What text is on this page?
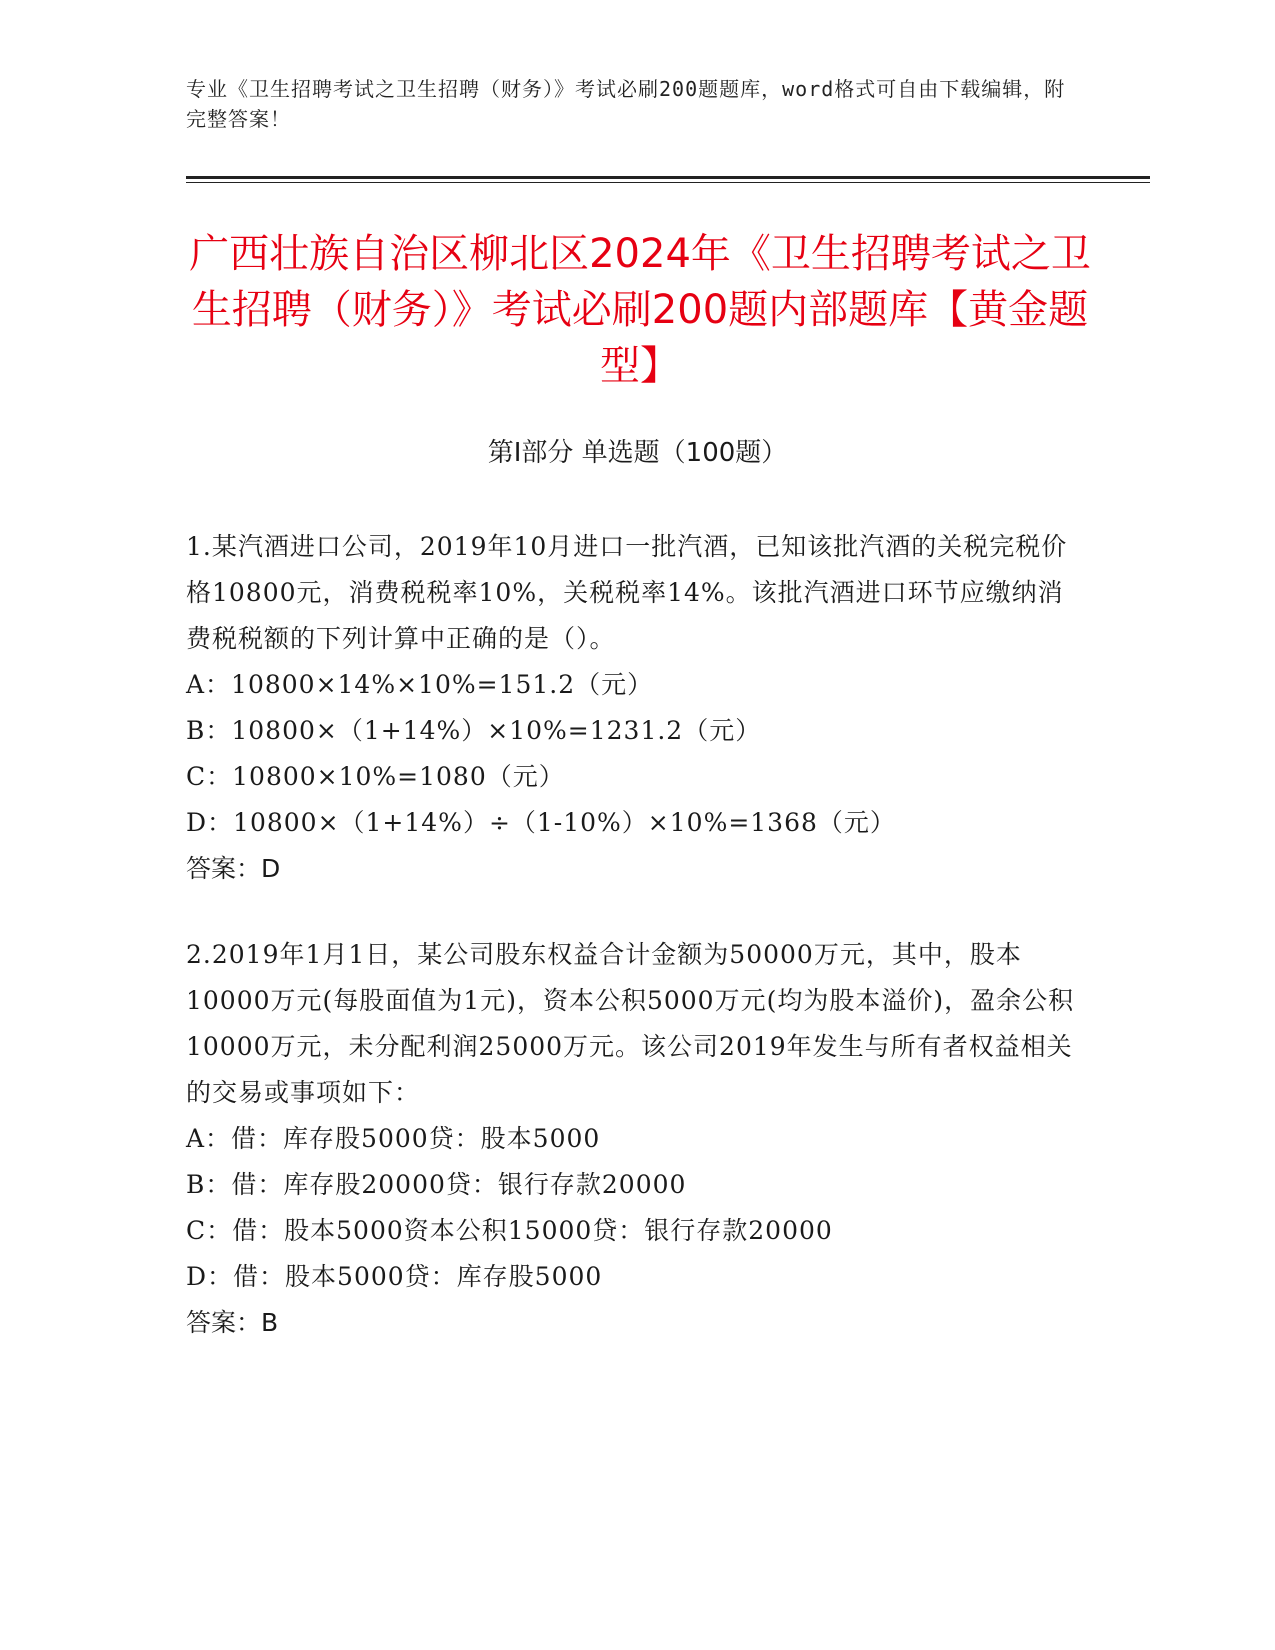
专业《卫生招聘考试之卫生招聘（财务）》考试必刷200题题库，word格式可自由下载编辑，附完整答案！
广西壮族自治区柳北区2024年《卫生招聘考试之卫生招聘（财务）》考试必刷200题内部题库【黄金题型】
第I部分 单选题（100题）

1.某汽酒进口公司，2019年10月进口一批汽酒，已知该批汽酒的关税完税价格10800元，消费税税率10%，关税税率14%。该批汽酒进口环节应缴纳消费税税额的下列计算中正确的是（）。

A：10800×14%×10%=151.2（元）

B：10800×（1+14%）×10%=1231.2（元）

C：10800×10%=1080（元）

D：10800×（1+14%）÷（1-10%）×10%=1368（元）

答案：D

2.2019年1月1日，某公司股东权益合计金额为50000万元，其中，股本10000万元(每股面值为1元)，资本公积5000万元(均为股本溢价)，盈余公积10000万元，未分配利润25000万元。该公司2019年发生与所有者权益相关的交易或事项如下：

A：借：库存股5000贷：股本5000

B：借：库存股20000贷：银行存款20000

C：借：股本5000资本公积15000贷：银行存款20000

D：借：股本5000贷：库存股5000

答案：B
